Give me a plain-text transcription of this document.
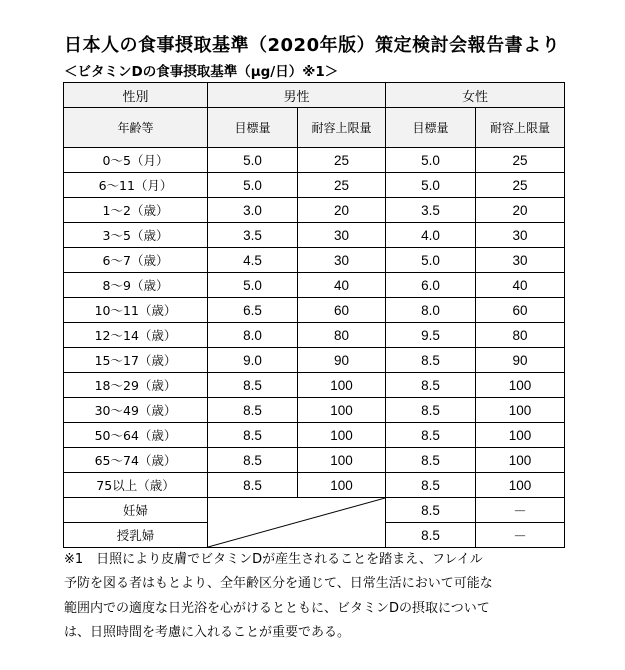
日本人の食事摂取基準（2020年版）策定検討会報告書より
＜ビタミンDの食事摂取基準（μg/日）※1＞
性別	男性		女性	
年齢等	目標量	耐容上限量	目標量	耐容上限量
0～5（月）	5.0	25	5.0	25
6～11（月）	5.0	25	5.0	25
1～2（歳）	3.0	20	3.5	20
3～5（歳）	3.5	30	4.0	30
6～7（歳）	4.5	30	5.0	30
8～9（歳）	5.0	40	6.0	40
10～11（歳）	6.5	60	8.0	60
12～14（歳）	8.0	80	9.5	80
15～17（歳）	9.0	90	8.5	90
18～29（歳）	8.5	100	8.5	100
30～49（歳）	8.5	100	8.5	100
50～64（歳）	8.5	100	8.5	100
65～74（歳）	8.5	100	8.5	100
75以上（歳）	8.5	100	8.5	100
妊婦			8.5	－
授乳婦			8.5	－

※1　日照により皮膚でビタミンDが産生されることを踏まえ、フレイル

予防を図る者はもとより、全年齢区分を通じて、日常生活において可能な

範囲内での適度な日光浴を心がけるとともに、ビタミンDの摂取について

は、日照時間を考慮に入れることが重要である。
